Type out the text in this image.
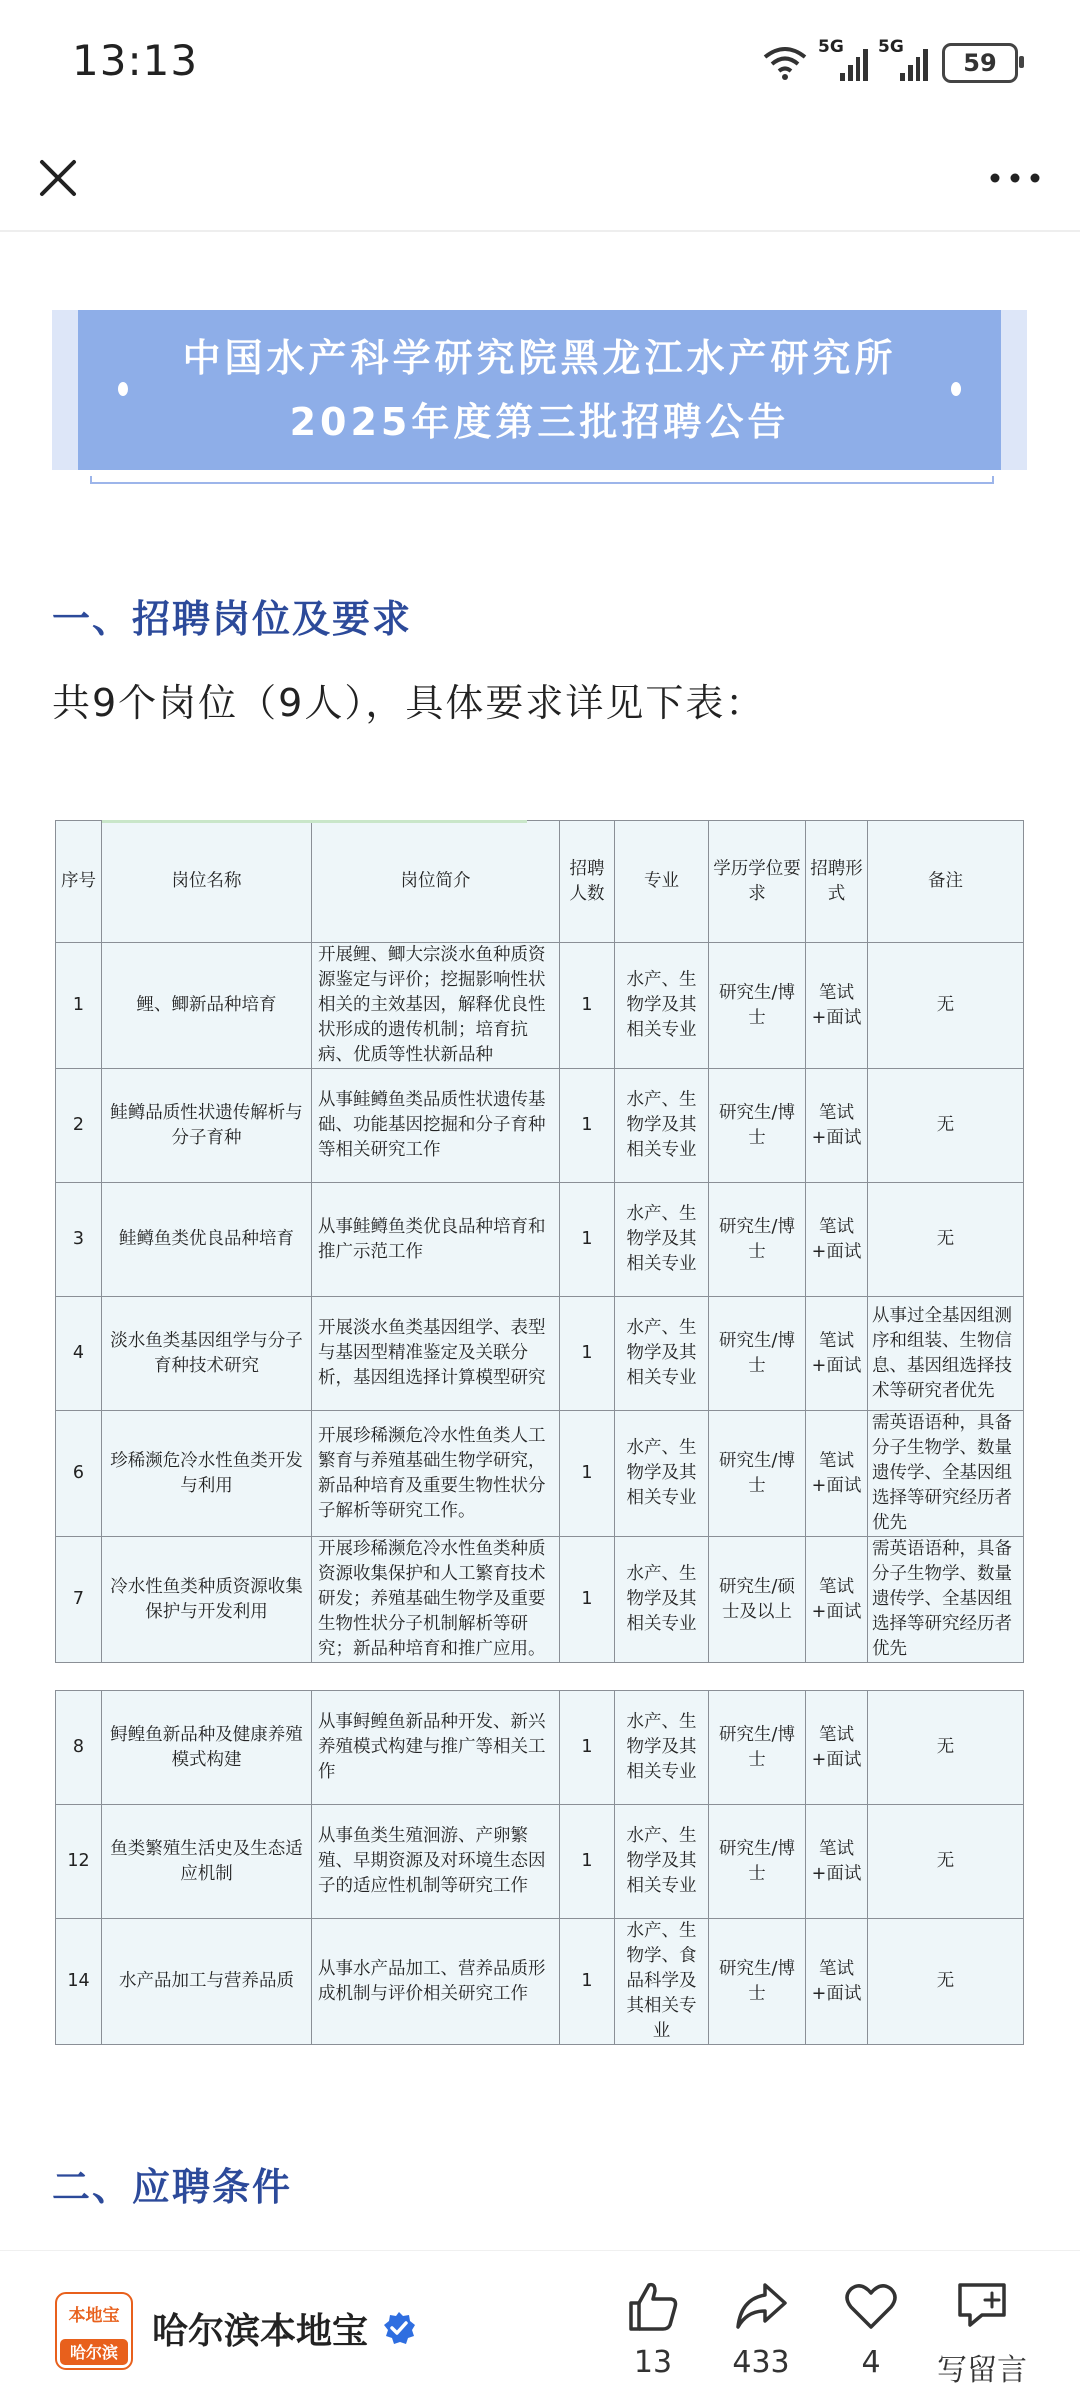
13:13	5G 5G
59
中国水产科学研究院黑龙江水产研究所
2025年度第三批招聘公告
一、招聘岗位及要求
共9个岗位（9人），具体要求详见下表：
序号	岗位名称	岗位简介	招聘人数	专业	学历学位要求	招聘形式	备注
1	鲤、鲫新品种培育	开展鲤、鲫大宗淡水鱼种质资源鉴定与评价；挖掘影响性状相关的主效基因，解释优良性状形成的遗传机制；培育抗病、优质等性状新品种	1	水产、生物学及其相关专业	研究生/博士	笔试+面试	无
2	鲑鳟品质性状遗传解析与分子育种	从事鲑鳟鱼类品质性状遗传基础、功能基因挖掘和分子育种等相关研究工作	1	水产、生物学及其相关专业	研究生/博士	笔试+面试	无
3	鲑鳟鱼类优良品种培育	从事鲑鳟鱼类优良品种培育和推广示范工作	1	水产、生物学及其相关专业	研究生/博士	笔试+面试	无
4	淡水鱼类基因组学与分子育种技术研究	开展淡水鱼类基因组学、表型与基因型精准鉴定及关联分析，基因组选择计算模型研究	1	水产、生物学及其相关专业	研究生/博士	笔试+面试	从事过全基因组测序和组装、生物信息、基因组选择技术等研究者优先
6	珍稀濒危冷水性鱼类开发与利用	开展珍稀濒危冷水性鱼类人工繁育与养殖基础生物学研究，新品种培育及重要生物性状分子解析等研究工作。	1	水产、生物学及其相关专业	研究生/博士	笔试+面试	需英语语种，具备分子生物学、数量遗传学、全基因组选择等研究经历者优先
7	冷水性鱼类种质资源收集保护与开发利用	开展珍稀濒危冷水性鱼类种质资源收集保护和人工繁育技术研发；养殖基础生物学及重要生物性状分子机制解析等研究；新品种培育和推广应用。	1	水产、生物学及其相关专业	研究生/硕士及以上	笔试+面试	需英语语种，具备分子生物学、数量遗传学、全基因组选择等研究经历者优先
8	鲟鳇鱼新品种及健康养殖模式构建	从事鲟鳇鱼新品种开发、新兴养殖模式构建与推广等相关工作	1	水产、生物学及其相关专业	研究生/博士	笔试+面试	无
12	鱼类繁殖生活史及生态适应机制	从事鱼类生殖洄游、产卵繁殖、早期资源及对环境生态因子的适应性机制等研究工作	1	水产、生物学及其相关专业	研究生/博士	笔试+面试	无
14	水产品加工与营养品质	从事水产品加工、营养品质形成机制与评价相关研究工作	1	水产、生物学、食品科学及其相关专业	研究生/博士	笔试+面试	无
二、应聘条件
本地宝
哈尔滨
哈尔滨本地宝
13	433	4	写留言
